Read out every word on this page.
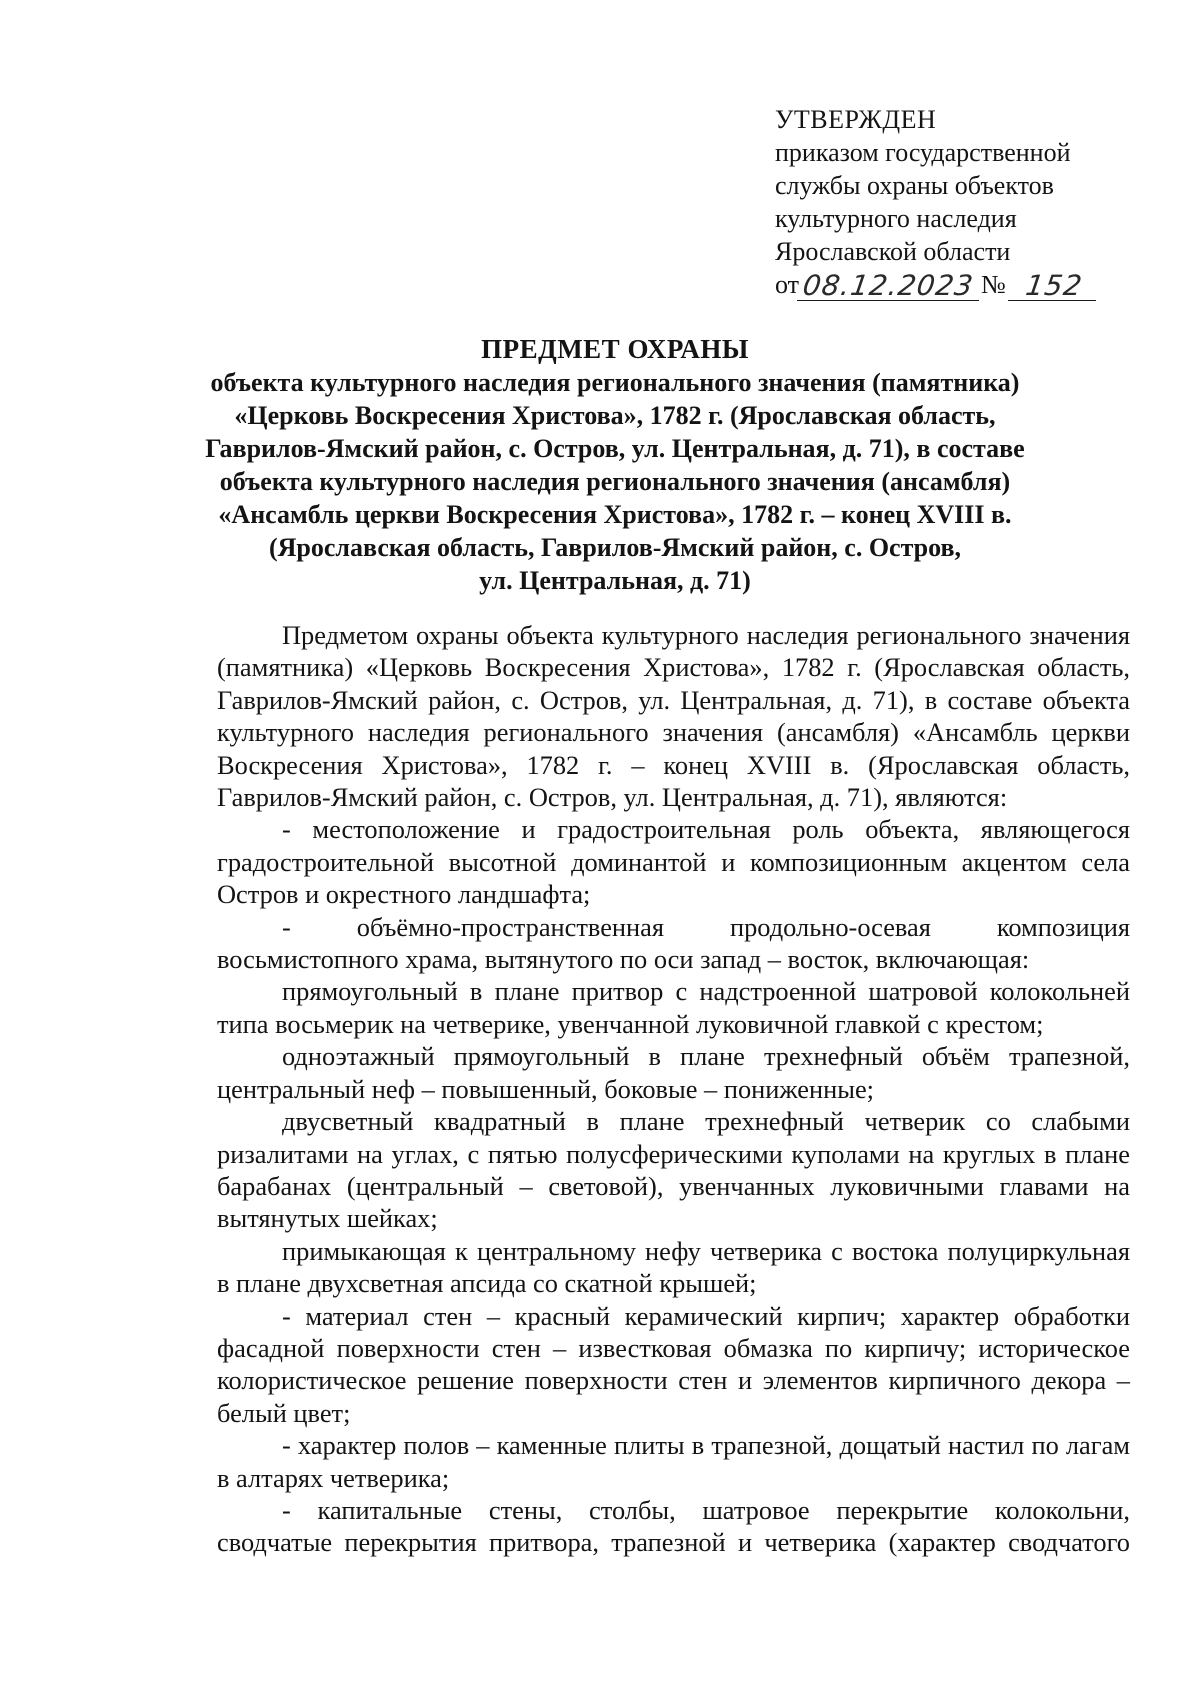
УТВЕРЖДЕН
приказом государственной
службы охраны объектов
культурного наследия
Ярославской области
от 08.12.2023 № 152
ПРЕДМЕТ ОХРАНЫ
объекта культурного наследия регионального значения (памятника)
«Церковь Воскресения Христова», 1782 г. (Ярославская область,
Гаврилов-Ямский район, с. Остров, ул. Центральная, д. 71), в составе
объекта культурного наследия регионального значения (ансамбля)
«Ансамбль церкви Воскресения Христова», 1782 г. – конец XVIII в.
(Ярославская область, Гаврилов-Ямский район, с. Остров,
ул. Центральная, д. 71)

Предметом охраны объекта культурного наследия регионального значения (памятника) «Церковь Воскресения Христова», 1782 г. (Ярославская область, Гаврилов-Ямский район, с. Остров, ул. Центральная, д. 71), в составе объекта культурного наследия регионального значения (ансамбля) «Ансамбль церкви Воскресения Христова», 1782 г. – конец XVIII в. (Ярославская область, Гаврилов-Ямский район, с. Остров, ул. Центральная, д. 71), являются:

- местоположение и градостроительная роль объекта, являющегося градостроительной высотной доминантой и композиционным акцентом села Остров и окрестного ландшафта;

- объёмно-пространственная продольно-осевая композиция восьмистопного храма, вытянутого по оси запад – восток, включающая:

прямоугольный в плане притвор с надстроенной шатровой колокольней типа восьмерик на четверике, увенчанной луковичной главкой с крестом;

одноэтажный прямоугольный в плане трехнефный объём трапезной, центральный неф – повышенный, боковые – пониженные;

двусветный квадратный в плане трехнефный четверик со слабыми ризалитами на углах, с пятью полусферическими куполами на круглых в плане барабанах (центральный – световой), увенчанных луковичными главами на вытянутых шейках;

примыкающая к центральному нефу четверика с востока полуциркульная в плане двухсветная апсида со скатной крышей;

- материал стен – красный керамический кирпич; характер обработки фасадной поверхности стен – известковая обмазка по кирпичу; историческое колористическое решение поверхности стен и элементов кирпичного декора – белый цвет;

- характер полов – каменные плиты в трапезной, дощатый настил по лагам в алтарях четверика;

- капитальные стены, столбы, шатровое перекрытие колокольни, сводчатые перекрытия притвора, трапезной и четверика (характер сводчатого
